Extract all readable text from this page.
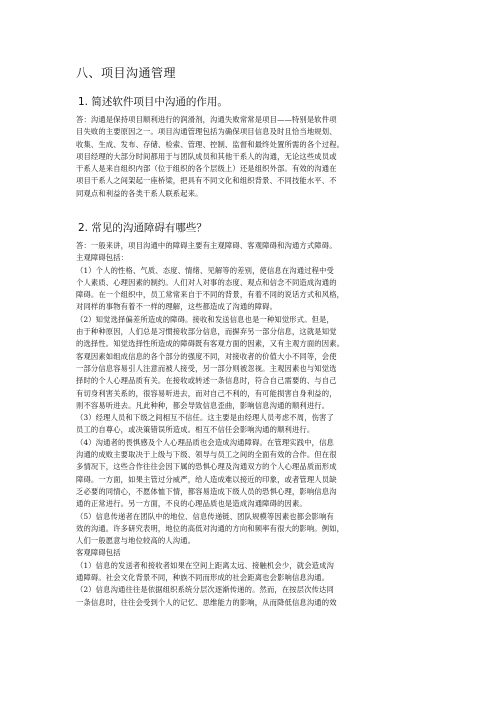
八、项目沟通管理
1. 简述软件项目中沟通的作用。
答：沟通是保持项目顺利进行的润滑剂，沟通失败常常是项目——特别是软件项
目失败的主要原因之一。项目沟通管理包括为确保项目信息及时且恰当地规划、
收集、生成、发布、存储、检索、管理、控制、监督和最终处置所需的各个过程。
项目经理的大部分时间都用于与团队成员和其他干系人的沟通，无论这些成员或
干系人是来自组织内部（位于组织的各个层级上）还是组织外部。有效的沟通在
项目干系人之间架起一座桥梁，把具有不同文化和组织背景、不同技能水平、不
同观点和利益的各类干系人联系起来。
2. 常见的沟通障碍有哪些？
答：一般来讲，项目沟通中的障碍主要有主观障碍、客观障碍和沟通方式障碍。
主观障碍包括：
（1）个人的性格、气质、态度、情绪、见解等的差别，使信息在沟通过程中受
个人素质、心理因素的制约。人们对人对事的态度、观点和信念不同造成沟通的
障碍。在一个组织中，员工常常来自于不同的背景，有着不同的说话方式和风格，
对同样的事物有着不一样的理解，这些都造成了沟通的障碍。
（2）知觉选择偏差所造成的障碍。接收和发送信息也是一种知觉形式。但是，
由于种种原因，人们总是习惯接收部分信息，而摒弃另一部分信息，这就是知觉
的选择性。知觉选择性所造成的障碍既有客观方面的因素，又有主观方面的因素。
客观因素如组成信息的各个部分的强度不同，对接收者的价值大小不同等，会使
一部分信息容易引人注意而被人接受，另一部分则被忽视。主观因素也与知觉选
择时的个人心理品质有关。在接收或转述一条信息时，符合自己需要的、与自己
有切身利害关系的，很容易听进去，而对自己不利的，有可能损害自身利益的，
则不容易听进去。凡此种种，都会导致信息歪曲，影响信息沟通的顺利进行。
（3）经理人员和下级之间相互不信任。这主要是由经理人员考虑不周，伤害了
员工的自尊心，或决策错误所造成。相互不信任会影响沟通的顺利进行。
（4）沟通者的畏惧感及个人心理品质也会造成沟通障碍。在管理实践中，信息
沟通的成败主要取决于上级与下级、领导与员工之间的全面有效的合作。但在很
多情况下，这些合作往往会因下属的恐惧心理及沟通双方的个人心理品质而形成
障碍。一方面，如果主管过分威严，给人造成难以接近的印象，或者管理人员缺
乏必要的同情心，不愿体恤下情，都容易造成下级人员的恐惧心理，影响信息沟
通的正常进行。另一方面，不良的心理品质也是造成沟通障碍的因素。
（5）信息传递者在团队中的地位、信息传递链、团队规模等因素也都会影响有
效的沟通。许多研究表明，地位的高低对沟通的方向和频率有很大的影响。例如，
人们一般愿意与地位较高的人沟通。
客观障碍包括
（1）信息的发送者和接收者如果在空间上距离太远、接触机会少，就会造成沟
通障碍。社会文化背景不同，种族不同而形成的社会距离也会影响信息沟通。
（2）信息沟通往往是依据组织系统分层次逐渐传递的。然而，在按层次传达同
一条信息时，往往会受到个人的记忆、思维能力的影响，从而降低信息沟通的效
